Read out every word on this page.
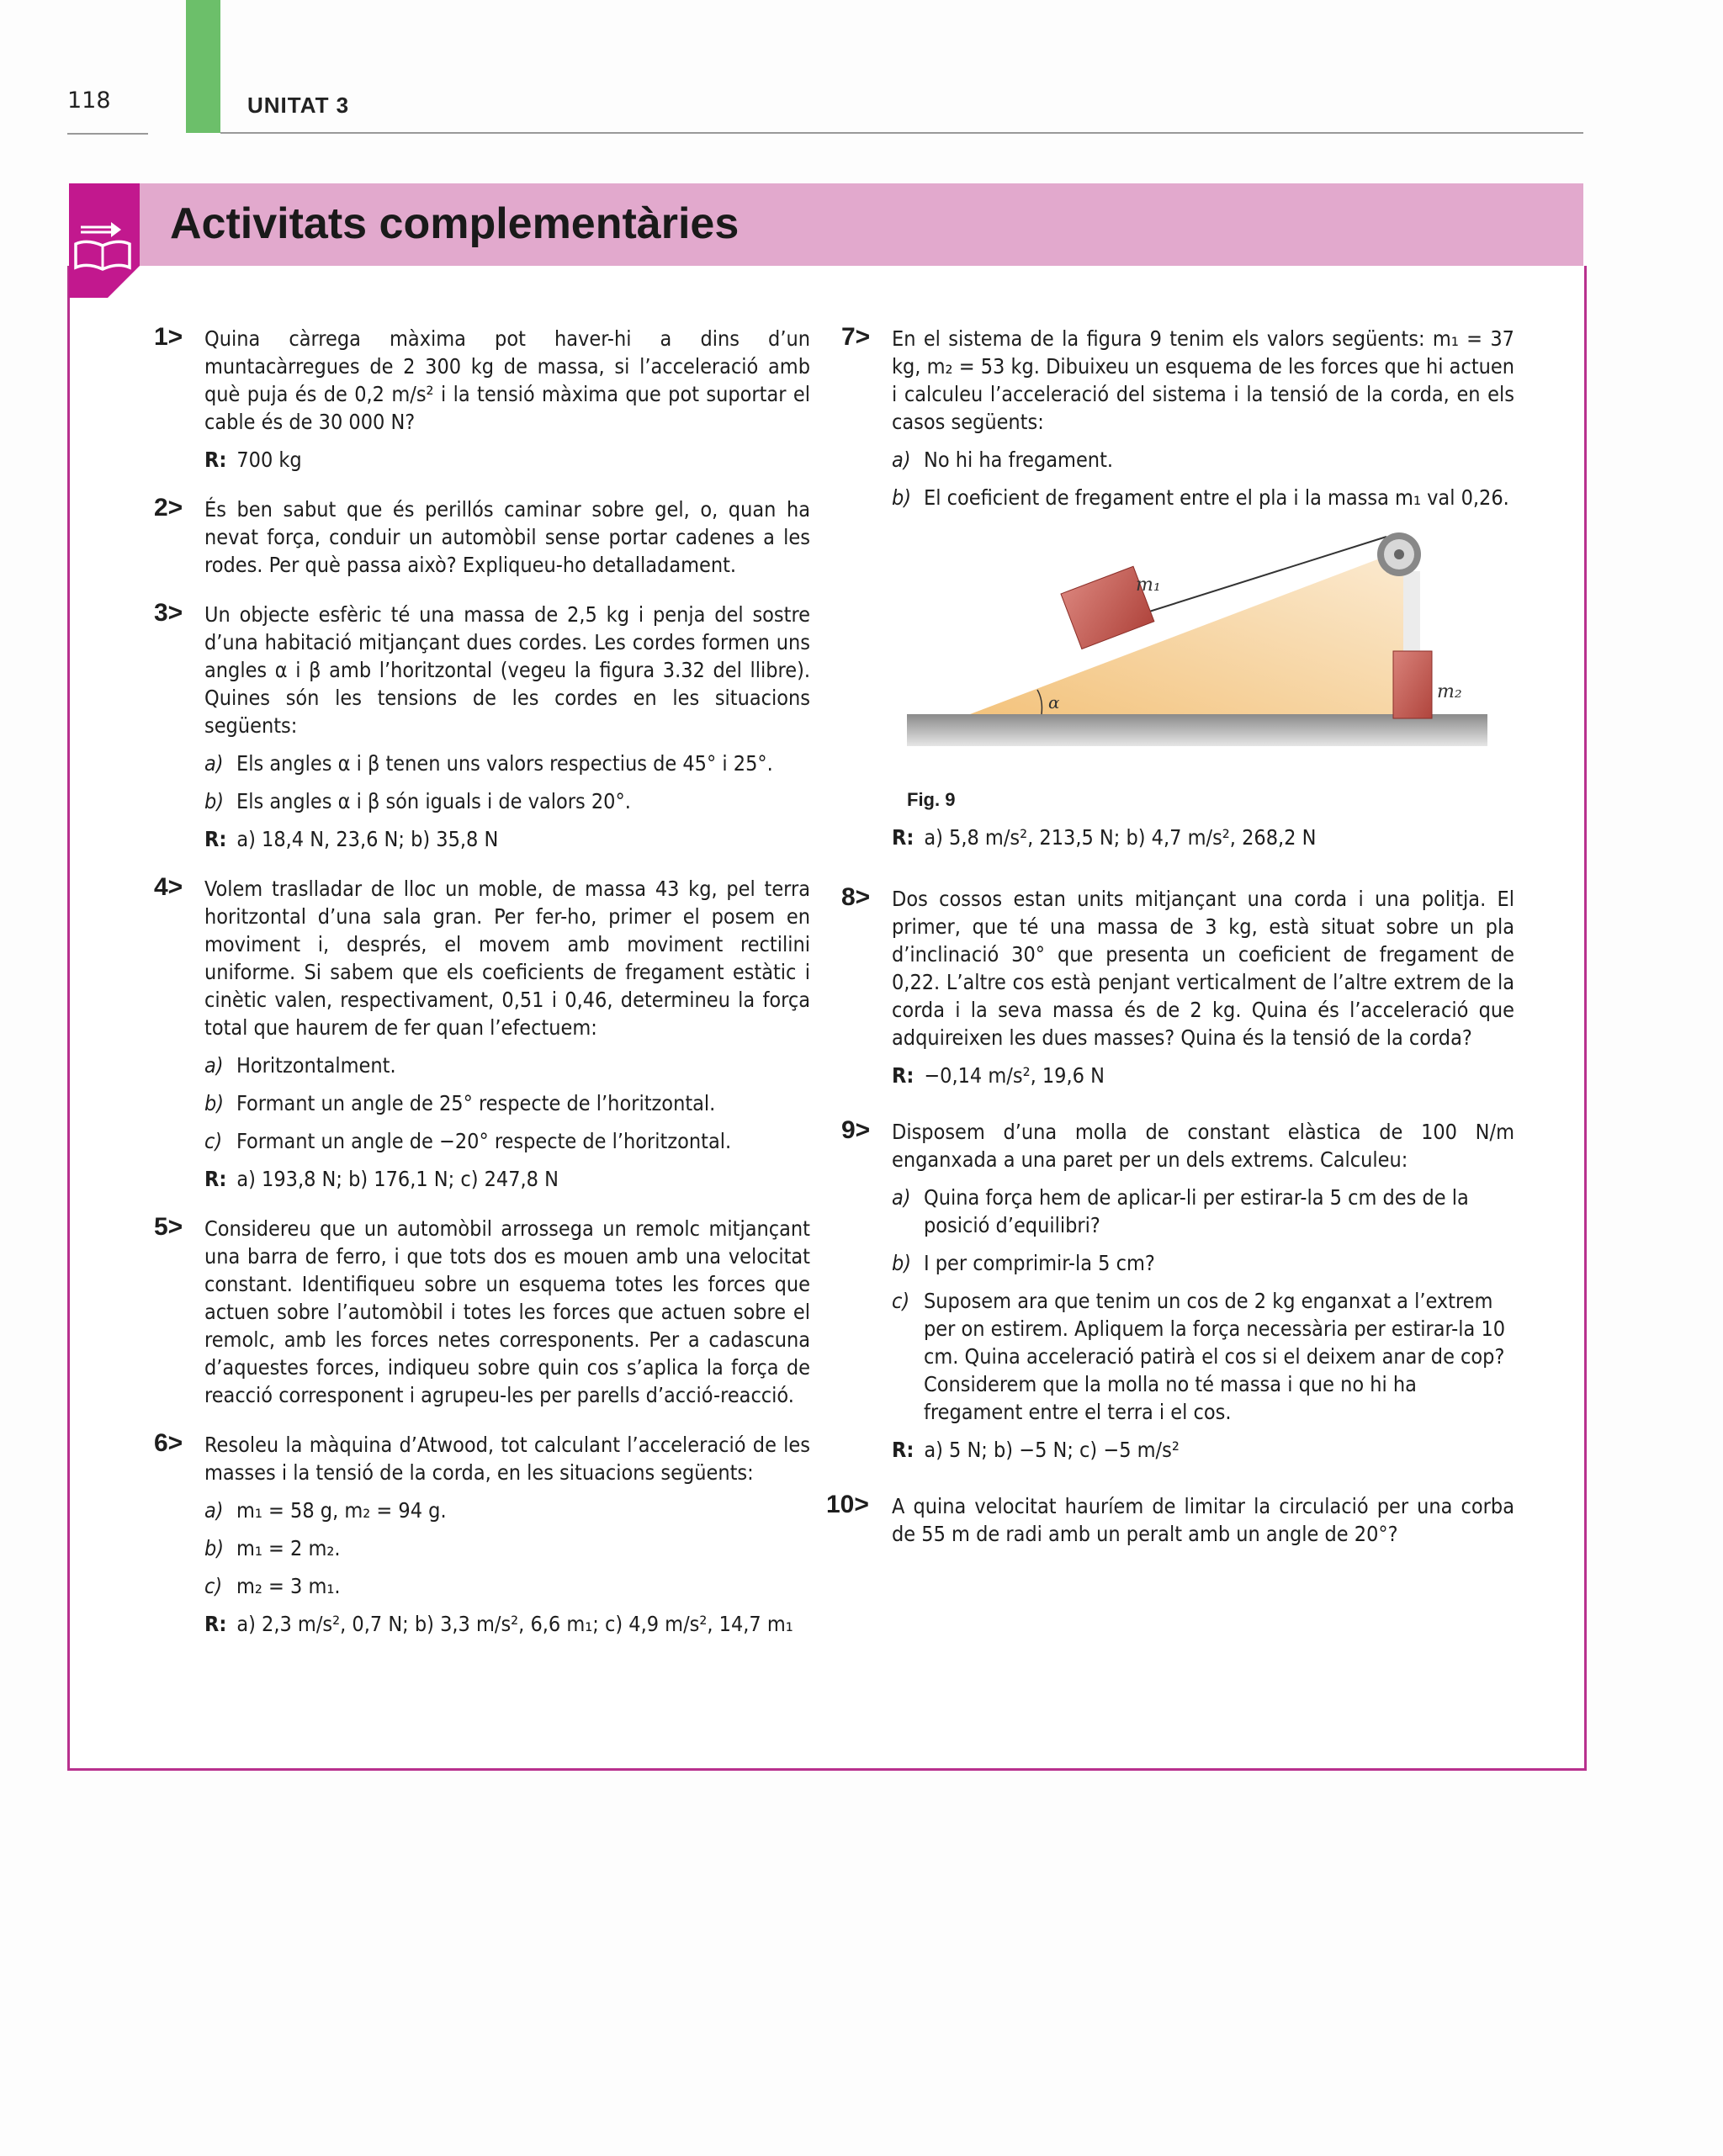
118	UNITAT 3
Activitats complementàries
1> Quina càrrega màxima pot haver-hi a dins d’un muntacàrregues de 2 300 kg de massa, si l’acceleració amb què puja és de 0,2 m/s² i la tensió màxima que pot suportar el cable és de 30 000 N?
R: 700 kg
2> És ben sabut que és perillós caminar sobre gel, o, quan ha nevat força, conduir un automòbil sense portar cadenes a les rodes. Per què passa això? Expliqueu-ho detalladament.
3> Un objecte esfèric té una massa de 2,5 kg i penja del sostre d’una habitació mitjançant dues cordes. Les cordes formen uns angles α i β amb l’horitzontal (vegeu la figura 3.32 del llibre). Quines són les tensions de les cordes en les situacions següents:
a) Els angles α i β tenen uns valors respectius de 45° i 25°.
b) Els angles α i β són iguals i de valors 20°.
R: a) 18,4 N, 23,6 N; b) 35,8 N
4> Volem traslladar de lloc un moble, de massa 43 kg, pel terra horitzontal d’una sala gran. Per fer-ho, primer el posem en moviment i, després, el movem amb moviment rectilini uniforme. Si sabem que els coeficients de fregament estàtic i cinètic valen, respectivament, 0,51 i 0,46, determineu la força total que haurem de fer quan l’efectuem:
a) Horitzontalment.
b) Formant un angle de 25° respecte de l’horitzontal.
c) Formant un angle de −20° respecte de l’horitzontal.
R: a) 193,8 N; b) 176,1 N; c) 247,8 N
5> Considereu que un automòbil arrossega un remolc mitjançant una barra de ferro, i que tots dos es mouen amb una velocitat constant. Identifiqueu sobre un esquema totes les forces que actuen sobre l’automòbil i totes les forces que actuen sobre el remolc, amb les forces netes corresponents. Per a cadascuna d’aquestes forces, indiqueu sobre quin cos s’aplica la força de reacció corresponent i agrupeu-les per parells d’acció-reacció.
6> Resoleu la màquina d’Atwood, tot calculant l’acceleració de les masses i la tensió de la corda, en les situacions següents:
a) m₁ = 58 g, m₂ = 94 g.
b) m₁ = 2 m₂.
c) m₂ = 3 m₁.
R: a) 2,3 m/s², 0,7 N; b) 3,3 m/s², 6,6 m₁; c) 4,9 m/s², 14,7 m₁
7> En el sistema de la figura 9 tenim els valors següents: m₁ = 37 kg, m₂ = 53 kg. Dibuixeu un esquema de les forces que hi actuen i calculeu l’acceleració del sistema i la tensió de la corda, en els casos següents:
a) No hi ha fregament.
b) El coeficient de fregament entre el pla i la massa m₁ val 0,26.
α
m₁
m₂
Fig. 9
R: a) 5,8 m/s², 213,5 N; b) 4,7 m/s², 268,2 N
8> Dos cossos estan units mitjançant una corda i una politja. El primer, que té una massa de 3 kg, està situat sobre un pla d’inclinació 30° que presenta un coeficient de fregament de 0,22. L’altre cos està penjant verticalment de l’altre extrem de la corda i la seva massa és de 2 kg. Quina és l’acceleració que adquireixen les dues masses? Quina és la tensió de la corda?
R: −0,14 m/s², 19,6 N
9> Disposem d’una molla de constant elàstica de 100 N/m enganxada a una paret per un dels extrems. Calculeu:
a) Quina força hem de aplicar-li per estirar-la 5 cm des de la posició d’equilibri?
b) I per comprimir-la 5 cm?
c) Suposem ara que tenim un cos de 2 kg enganxat a l’extrem per on estirem. Apliquem la força necessària per estirar-la 10 cm. Quina acceleració patirà el cos si el deixem anar de cop? Considerem que la molla no té massa i que no hi ha fregament entre el terra i el cos.
R: a) 5 N; b) −5 N; c) −5 m/s²
10> A quina velocitat hauríem de limitar la circulació per una corba de 55 m de radi amb un peralt amb un angle de 20°?
